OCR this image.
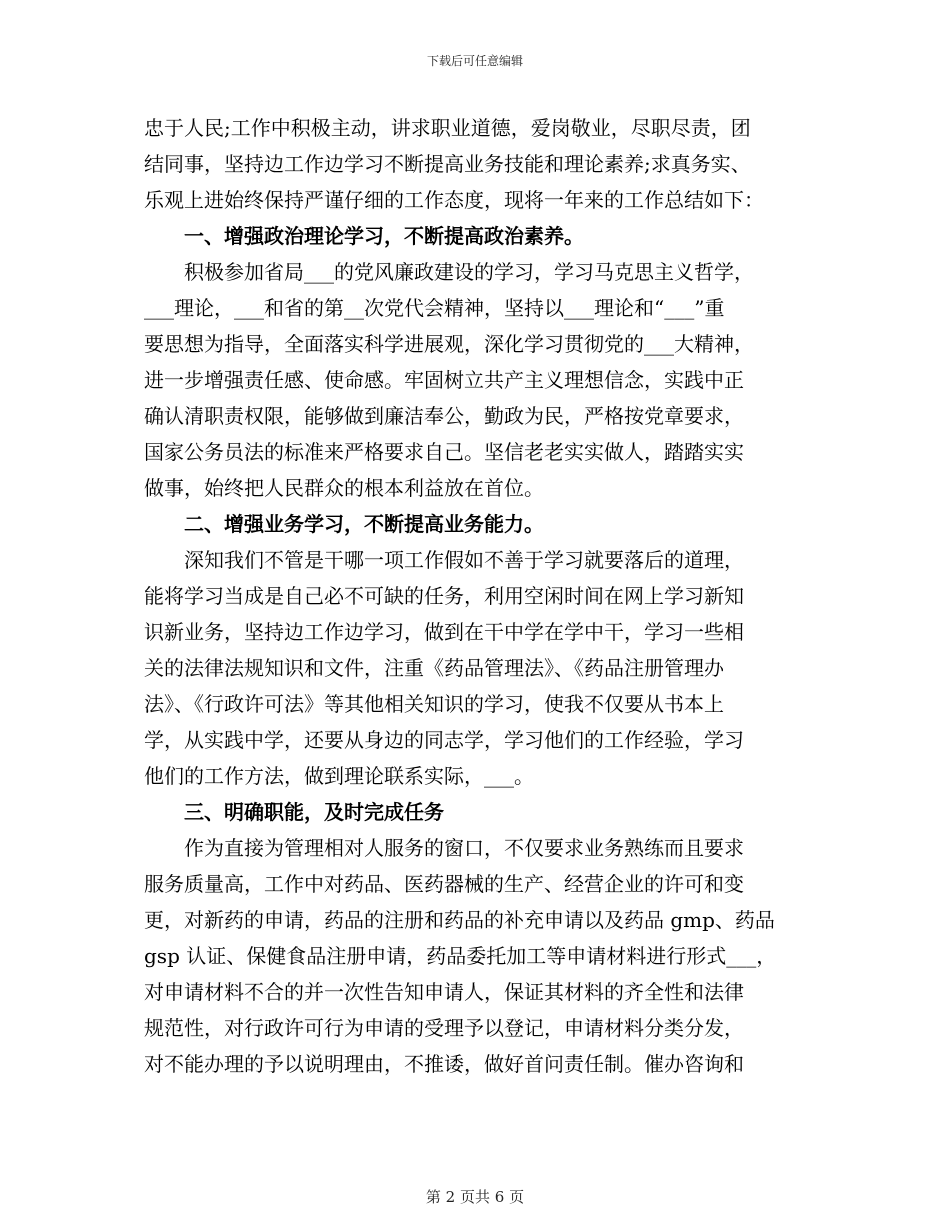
下载后可任意编辑
忠于人民;工作中积极主动，讲求职业道德，爱岗敬业，尽职尽责，团
结同事，坚持边工作边学习不断提高业务技能和理论素养;求真务实、
乐观上进始终保持严谨仔细的工作态度，现将一年来的工作总结如下：
一、增强政治理论学习，不断提高政治素养。
积极参加省局___的党风廉政建设的学习，学习马克思主义哲学，
___理论，___和省的第__次党代会精神，坚持以___理论和“___”重
要思想为指导，全面落实科学进展观，深化学习贯彻党的___大精神，
进一步增强责任感、使命感。牢固树立共产主义理想信念，实践中正
确认清职责权限，能够做到廉洁奉公，勤政为民，严格按党章要求，
国家公务员法的标准来严格要求自己。坚信老老实实做人，踏踏实实
做事，始终把人民群众的根本利益放在首位。
二、增强业务学习，不断提高业务能力。
深知我们不管是干哪一项工作假如不善于学习就要落后的道理，
能将学习当成是自己必不可缺的任务，利用空闲时间在网上学习新知
识新业务，坚持边工作边学习，做到在干中学在学中干，学习一些相
关的法律法规知识和文件，注重《药品管理法》、《药品注册管理办
法》、《行政许可法》等其他相关知识的学习，使我不仅要从书本上
学，从实践中学，还要从身边的同志学，学习他们的工作经验，学习
他们的工作方法，做到理论联系实际，___。
三、明确职能，及时完成任务
作为直接为管理相对人服务的窗口，不仅要求业务熟练而且要求
服务质量高，工作中对药品、医药器械的生产、经营企业的许可和变
更，对新药的申请，药品的注册和药品的补充申请以及药品 gmp、药品
gsp 认证、保健食品注册申请，药品委托加工等申请材料进行形式___，
对申请材料不合的并一次性告知申请人，保证其材料的齐全性和法律
规范性，对行政许可行为申请的受理予以登记，申请材料分类分发，
对不能办理的予以说明理由，不推诿，做好首问责任制。催办咨询和
第 2 页共 6 页
